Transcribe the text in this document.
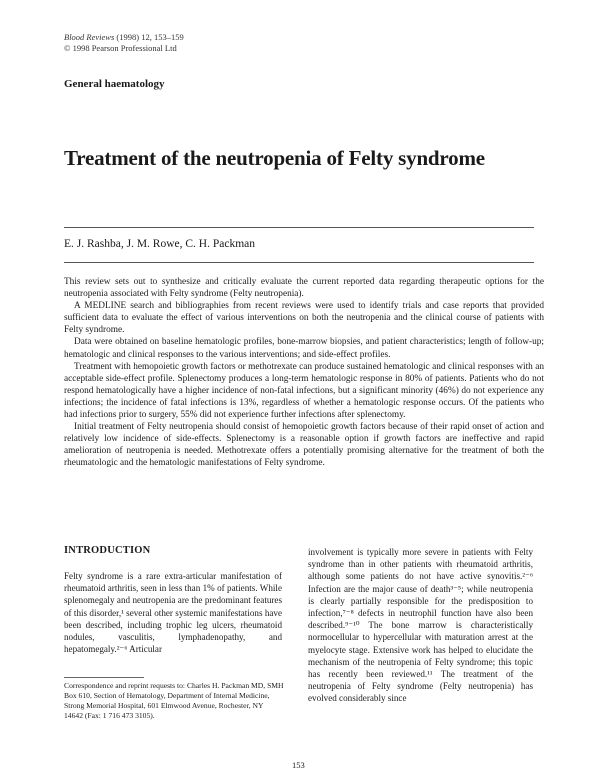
Blood Reviews (1998) 12, 153–159
© 1998 Pearson Professional Ltd
General haematology
Treatment of the neutropenia of Felty syndrome
E. J. Rashba, J. M. Rowe, C. H. Packman

This review sets out to synthesize and critically evaluate the current reported data regarding therapeutic options for the neutropenia associated with Felty syndrome (Felty neutropenia).

A MEDLINE search and bibliographies from recent reviews were used to identify trials and case reports that provided sufficient data to evaluate the effect of various interventions on both the neutropenia and the clinical course of patients with Felty syndrome.

Data were obtained on baseline hematologic profiles, bone-marrow biopsies, and patient characteristics; length of follow-up; hematologic and clinical responses to the various interventions; and side-effect profiles.

Treatment with hemopoietic growth factors or methotrexate can produce sustained hematologic and clinical responses with an acceptable side-effect profile. Splenectomy produces a long-term hematologic response in 80% of patients. Patients who do not respond hematologically have a higher incidence of non-fatal infections, but a significant minority (46%) do not experience any infections; the incidence of fatal infections is 13%, regardless of whether a hematologic response occurs. Of the patients who had infections prior to surgery, 55% did not experience further infections after splenectomy.

Initial treatment of Felty neutropenia should consist of hemopoietic growth factors because of their rapid onset of action and relatively low incidence of side-effects. Splenectomy is a reasonable option if growth factors are ineffective and rapid amelioration of neutropenia is needed. Methotrexate offers a potentially promising alternative for the treatment of both the rheumatologic and the hematologic manifestations of Felty syndrome.

INTRODUCTION
Felty syndrome is a rare extra-articular manifestation of rheumatoid arthritis, seen in less than 1% of patients. While splenomegaly and neutropenia are the predominant features of this disorder,¹ several other systemic manifestations have been described, including trophic leg ulcers, rheumatoid nodules, vasculitis, lymphadenopathy, and hepatomegaly.²⁻⁶ Articular
involvement is typically more severe in patients with Felty syndrome than in other patients with rheumatoid arthritis, although some patients do not have active synovitis.²⁻⁶ Infection are the major cause of death³⁻⁵; while neutropenia is clearly partially responsible for the predisposition to infection,⁷⁻⁸ defects in neutrophil function have also been described.⁹⁻¹⁰ The bone marrow is characteristically normocellular to hypercellular with maturation arrest at the myelocyte stage. Extensive work has helped to elucidate the mechanism of the neutropenia of Felty syndrome; this topic has recently been reviewed.¹¹ The treatment of the neutropenia of Felty syndrome (Felty neutropenia) has evolved considerably since
Correspondence and reprint requests to: Charles H. Packman MD, SMH Box 610, Section of Hematology, Department of Internal Medicine, Strong Memorial Hospital, 601 Elmwood Avenue, Rochester, NY 14642 (Fax: 1 716 473 3105).
153
